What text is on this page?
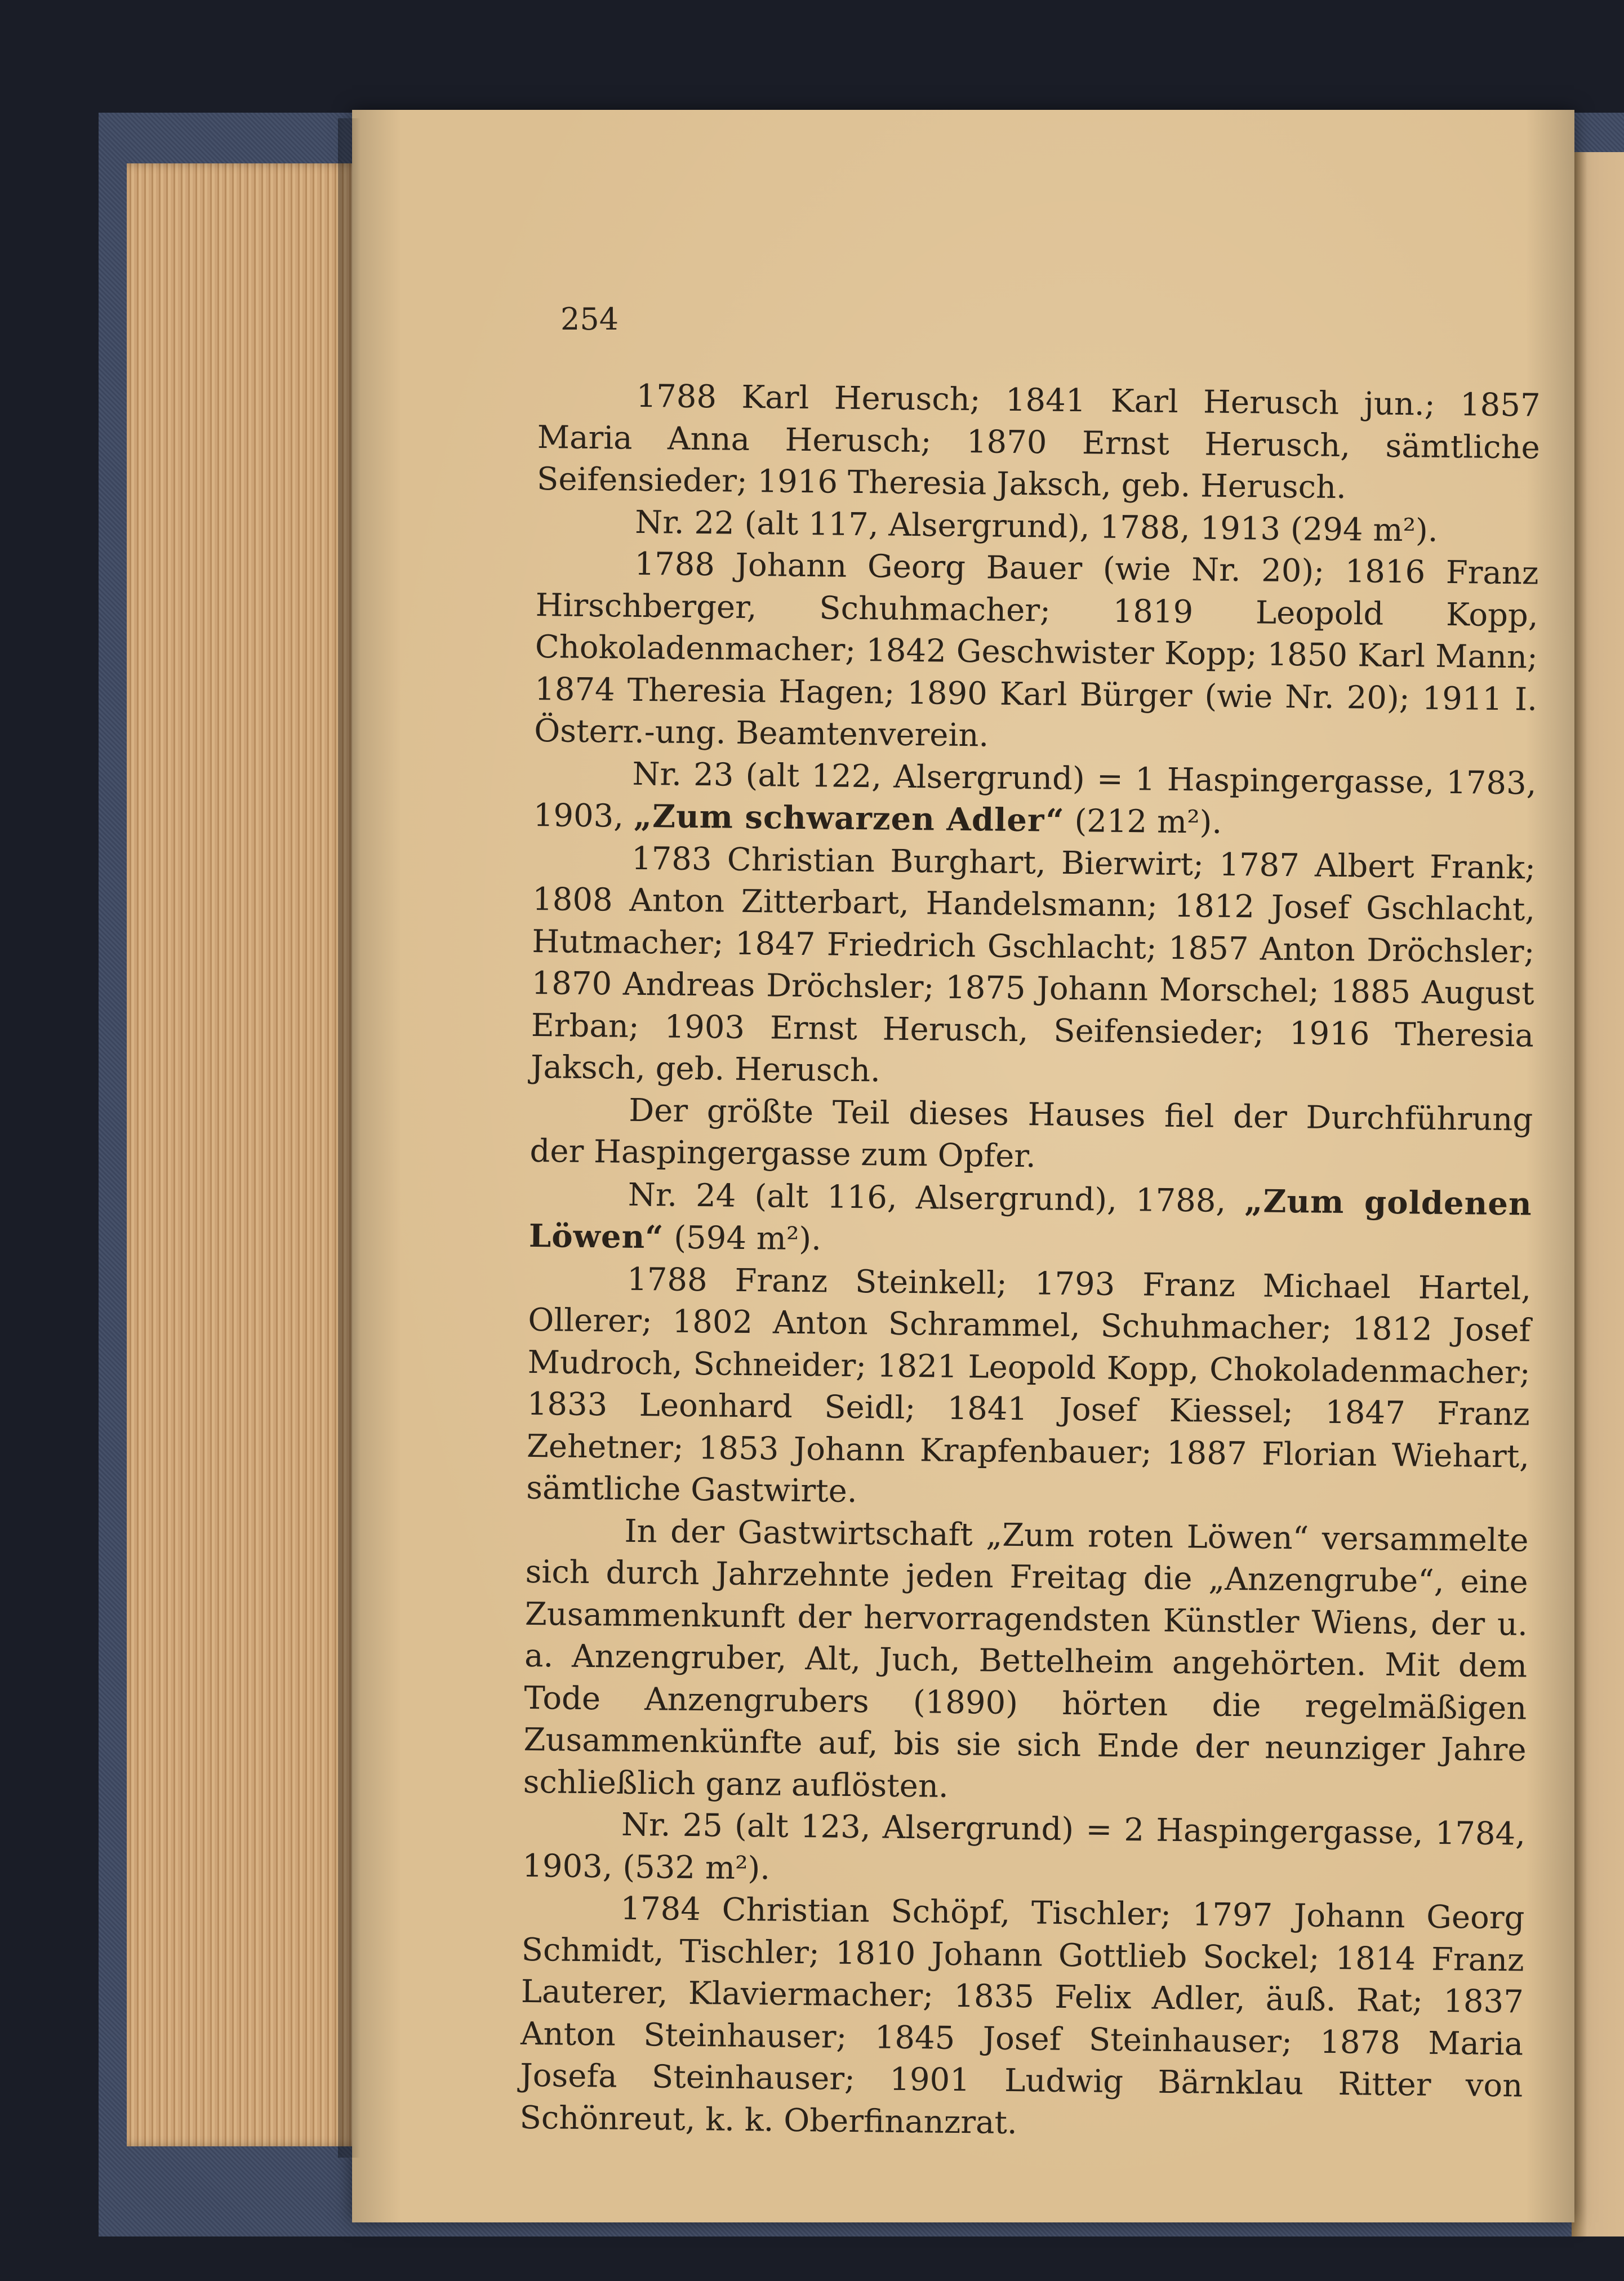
254

1788 Karl Herusch; 1841 Karl Herusch jun.; 1857 Maria Anna Herusch; 1870 Ernst Herusch, sämtliche Seifensieder; 1916 Theresia Jaksch, geb. Herusch.

Nr. 22 (alt 117, Alsergrund), 1788, 1913 (294 m²).

1788 Johann Georg Bauer (wie Nr. 20); 1816 Franz Hirschberger, Schuhmacher; 1819 Leopold Kopp, Chokoladenmacher; 1842 Geschwister Kopp; 1850 Karl Mann; 1874 Theresia Hagen; 1890 Karl Bürger (wie Nr. 20); 1911 I. Österr.-ung. Beamtenverein.

Nr. 23 (alt 122, Alsergrund) = 1 Haspingergasse, 1783, 1903, „Zum schwarzen Adler“ (212 m²).

1783 Christian Burghart, Bierwirt; 1787 Albert Frank; 1808 Anton Zitterbart, Handelsmann; 1812 Josef Gschlacht, Hutmacher; 1847 Friedrich Gschlacht; 1857 Anton Dröchsler; 1870 Andreas Dröchsler; 1875 Johann Morschel; 1885 August Erban; 1903 Ernst Herusch, Seifensieder; 1916 Theresia Jaksch, geb. Herusch.

Der größte Teil dieses Hauses fiel der Durchführung der Haspingergasse zum Opfer.

Nr. 24 (alt 116, Alsergrund), 1788, „Zum goldenen Löwen“ (594 m²).

1788 Franz Steinkell; 1793 Franz Michael Hartel, Ollerer; 1802 Anton Schrammel, Schuhmacher; 1812 Josef Mudroch, Schneider; 1821 Leopold Kopp, Chokoladenmacher; 1833 Leonhard Seidl; 1841 Josef Kiessel; 1847 Franz Zehetner; 1853 Johann Krapfenbauer; 1887 Florian Wiehart, sämtliche Gastwirte.

In der Gastwirtschaft „Zum roten Löwen“ versammelte sich durch Jahrzehnte jeden Freitag die „Anzengrube“, eine Zusammenkunft der hervorragendsten Künstler Wiens, der u. a. Anzengruber, Alt, Juch, Bettelheim angehörten. Mit dem Tode Anzengrubers (1890) hörten die regelmäßigen Zusammenkünfte auf, bis sie sich Ende der neunziger Jahre schließlich ganz auflösten.

Nr. 25 (alt 123, Alsergrund) = 2 Haspingergasse, 1784, 1903, (532 m²).

1784 Christian Schöpf, Tischler; 1797 Johann Georg Schmidt, Tischler; 1810 Johann Gottlieb Sockel; 1814 Franz Lauterer, Klaviermacher; 1835 Felix Adler, äuß. Rat; 1837 Anton Steinhauser; 1845 Josef Steinhauser; 1878 Maria Josefa Steinhauser; 1901 Ludwig Bärnklau Ritter von Schönreut, k. k. Oberfinanzrat.
